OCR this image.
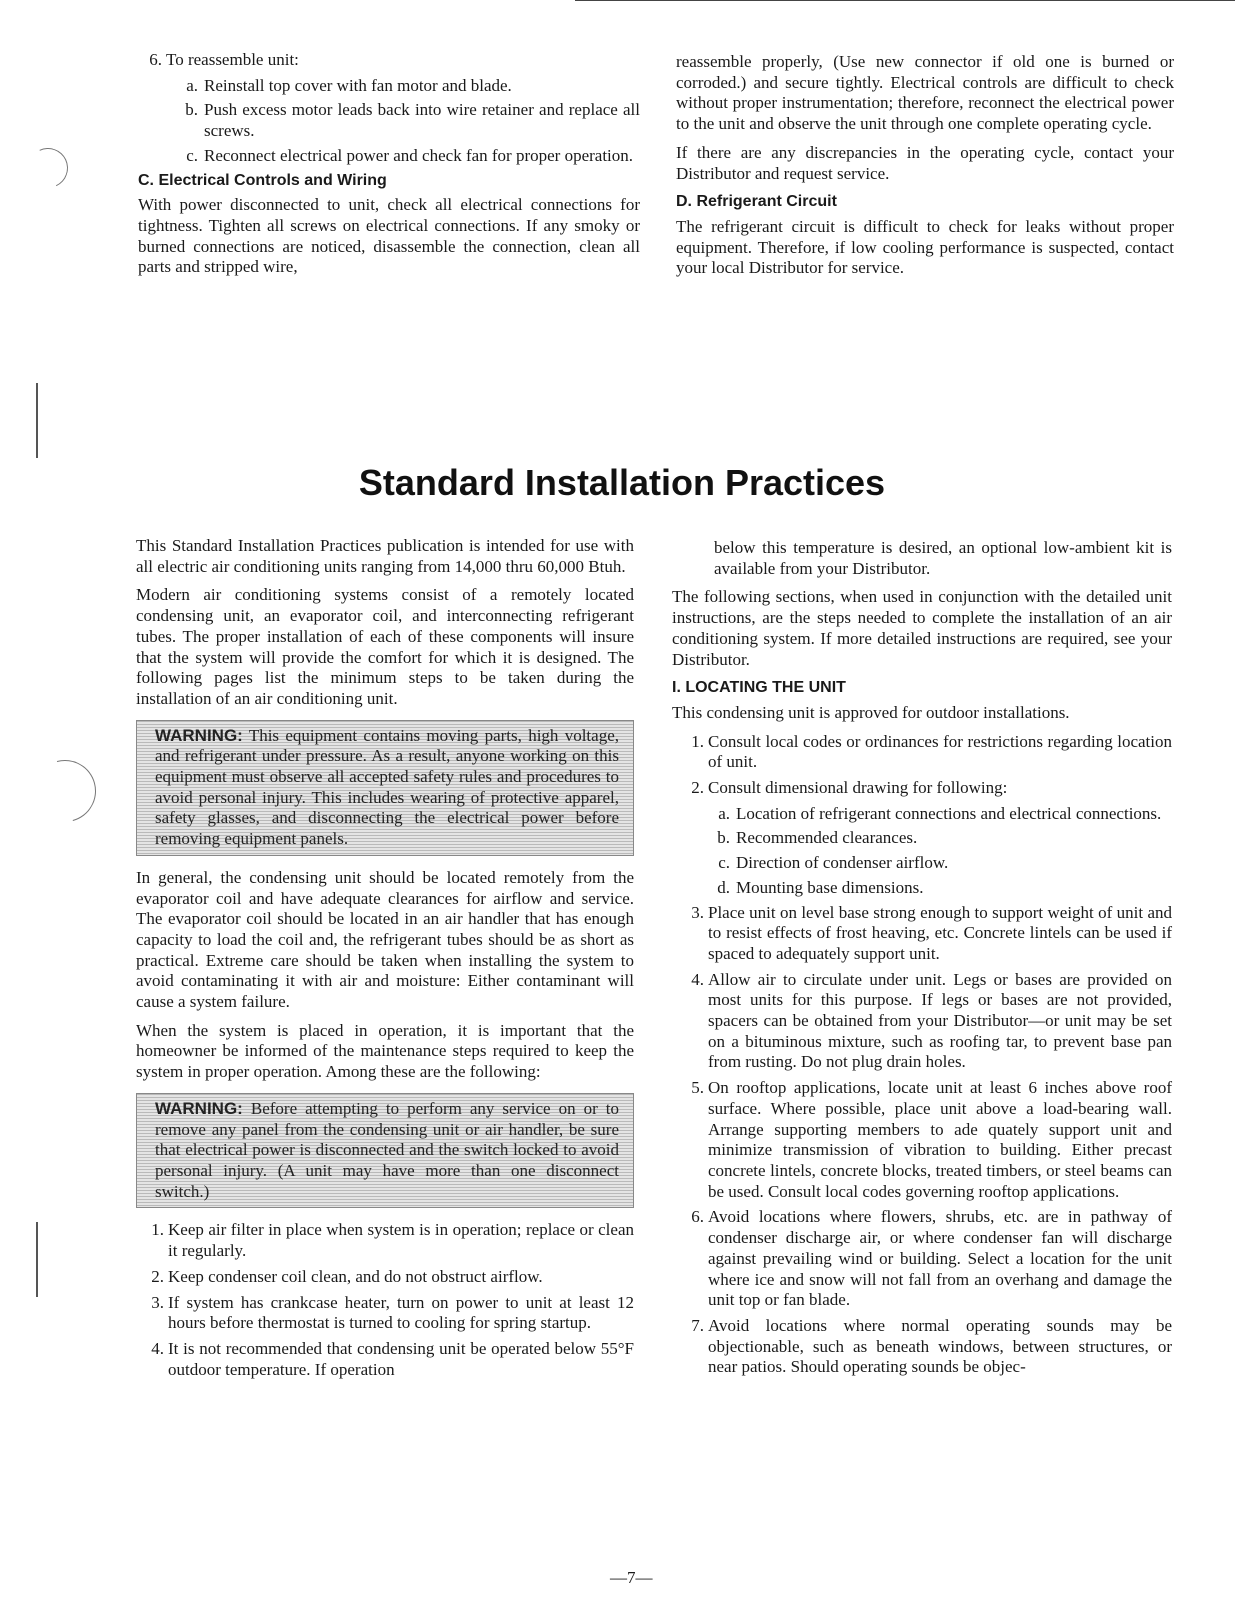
6. To reassemble unit:
a. Reinstall top cover with fan motor and blade.
b. Push excess motor leads back into wire retainer and replace all screws.
c. Reconnect electrical power and check fan for proper operation.
C. Electrical Controls and Wiring

With power disconnected to unit, check all electrical connections for tightness. Tighten all screws on electrical connections. If any smoky or burned connections are noticed, disassemble the connection, clean all parts and stripped wire,

reassemble properly, (Use new connector if old one is burned or corroded.) and secure tightly. Electrical controls are difficult to check without proper instrumentation; therefore, reconnect the electrical power to the unit and observe the unit through one complete operating cycle.

If there are any discrepancies in the operating cycle, contact your Distributor and request service.

D. Refrigerant Circuit

The refrigerant circuit is difficult to check for leaks without proper equipment. Therefore, if low cooling performance is suspected, contact your local Distributor for service.

Standard Installation Practices

This Standard Installation Practices publication is intended for use with all electric air conditioning units ranging from 14,000 thru 60,000 Btuh.

Modern air conditioning systems consist of a remotely located condensing unit, an evaporator coil, and interconnecting refrigerant tubes. The proper installation of each of these components will insure that the system will provide the comfort for which it is designed. The following pages list the minimum steps to be taken during the installation of an air conditioning unit.

WARNING: This equipment contains moving parts, high voltage, and refrigerant under pressure. As a result, anyone working on this equipment must observe all accepted safety rules and procedures to avoid personal injury. This includes wearing of protective apparel, safety glasses, and disconnecting the electrical power before removing equipment panels.

In general, the condensing unit should be located remotely from the evaporator coil and have adequate clearances for airflow and service. The evaporator coil should be located in an air handler that has enough capacity to load the coil and, the refrigerant tubes should be as short as practical. Extreme care should be taken when installing the system to avoid contaminating it with air and moisture: Either contaminant will cause a system failure.

When the system is placed in operation, it is important that the homeowner be informed of the maintenance steps required to keep the system in proper operation. Among these are the following:

WARNING: Before attempting to perform any service on or to remove any panel from the condensing unit or air handler, be sure that electrical power is disconnected and the switch locked to avoid personal injury. (A unit may have more than one disconnect switch.)
1. Keep air filter in place when system is in operation; replace or clean it regularly.
2. Keep condenser coil clean, and do not obstruct airflow.
3. If system has crankcase heater, turn on power to unit at least 12 hours before thermostat is turned to cooling for spring startup.
4. It is not recommended that condensing unit be operated below 55°F outdoor temperature. If operation

below this temperature is desired, an optional low-ambient kit is available from your Distributor.

The following sections, when used in conjunction with the detailed unit instructions, are the steps needed to complete the installation of an air conditioning system. If more detailed instructions are required, see your Distributor.

I. LOCATING THE UNIT

This condensing unit is approved for outdoor installations.

1. Consult local codes or ordinances for restrictions regarding location of unit.
2. Consult dimensional drawing for following:
a. Location of refrigerant connections and electrical connections.
b. Recommended clearances.
c. Direction of condenser airflow.
d. Mounting base dimensions.
3. Place unit on level base strong enough to support weight of unit and to resist effects of frost heaving, etc. Concrete lintels can be used if spaced to adequately support unit.
4. Allow air to circulate under unit. Legs or bases are provided on most units for this purpose. If legs or bases are not provided, spacers can be obtained from your Distributor—or unit may be set on a bituminous mixture, such as roofing tar, to prevent base pan from rusting. Do not plug drain holes.
5. On rooftop applications, locate unit at least 6 inches above roof surface. Where possible, place unit above a load-bearing wall. Arrange supporting members to ade quately support unit and minimize transmission of vibration to building. Either precast concrete lintels, concrete blocks, treated timbers, or steel beams can be used. Consult local codes governing rooftop applications.
6. Avoid locations where flowers, shrubs, etc. are in pathway of condenser discharge air, or where condenser fan will discharge against prevailing wind or building. Select a location for the unit where ice and snow will not fall from an overhang and damage the unit top or fan blade.
7. Avoid locations where normal operating sounds may be objectionable, such as beneath windows, between structures, or near patios. Should operating sounds be objec-
—7—
